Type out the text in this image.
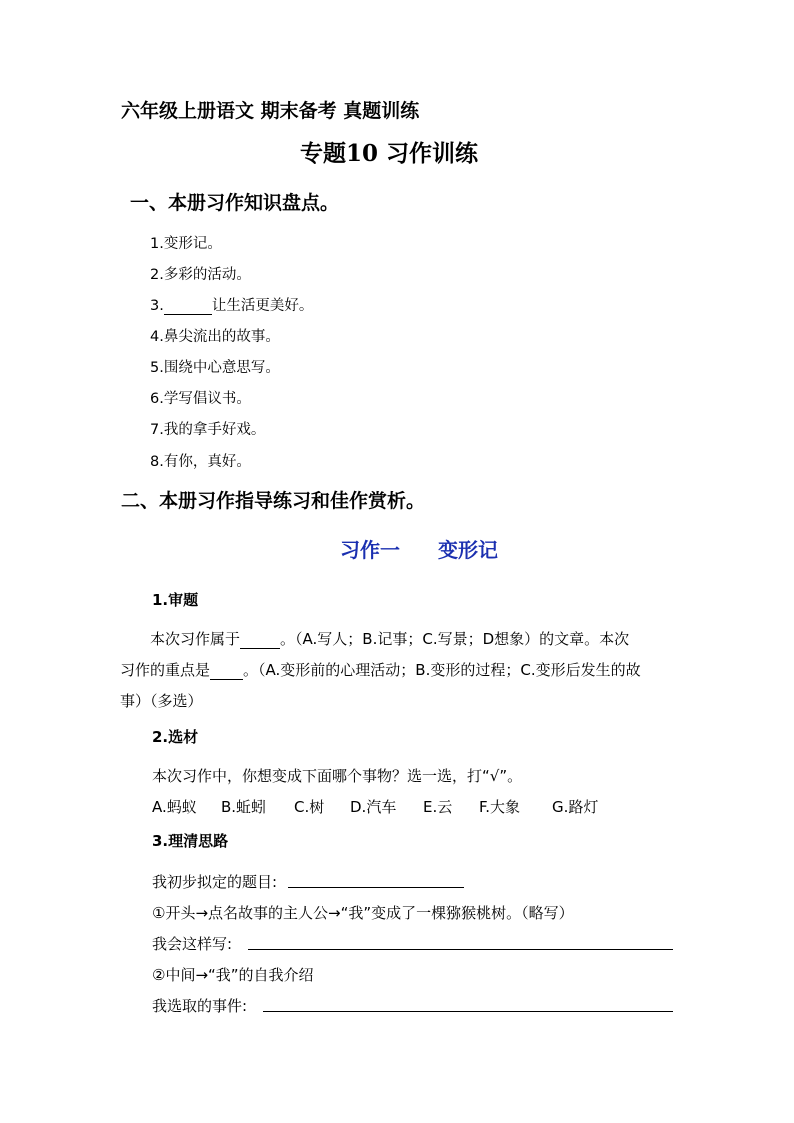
六年级上册语文 期末备考 真题训练
专题10 习作训练
一、本册习作知识盘点。
1.变形记。
2.多彩的活动。
3.	让生活更美好。
4.鼻尖流出的故事。
5.围绕中心意思写。
6.学写倡议书。
7.我的拿手好戏。
8.有你，真好。
二、本册习作指导练习和佳作赏析。
习作一 变形记
1.审题
本次习作属于	。（A.写人；B.记事；C.写景；D想象）的文章。本次
习作的重点是 。（A.变形前的心理活动；B.变形的过程；C.变形后发生的故
事）（多选）
2.选材
本次习作中，你想变成下面哪个事物？选一选，打“√”。
A.蚂蚁 B.蚯蚓 C.树 D.汽车 E.云 F.大象 G.路灯
3.理清思路
我初步拟定的题目:
①开头→点名故事的主人公→“我”变成了一棵猕猴桃树。（略写）
我会这样写:
②中间→“我”的自我介绍
我选取的事件:
